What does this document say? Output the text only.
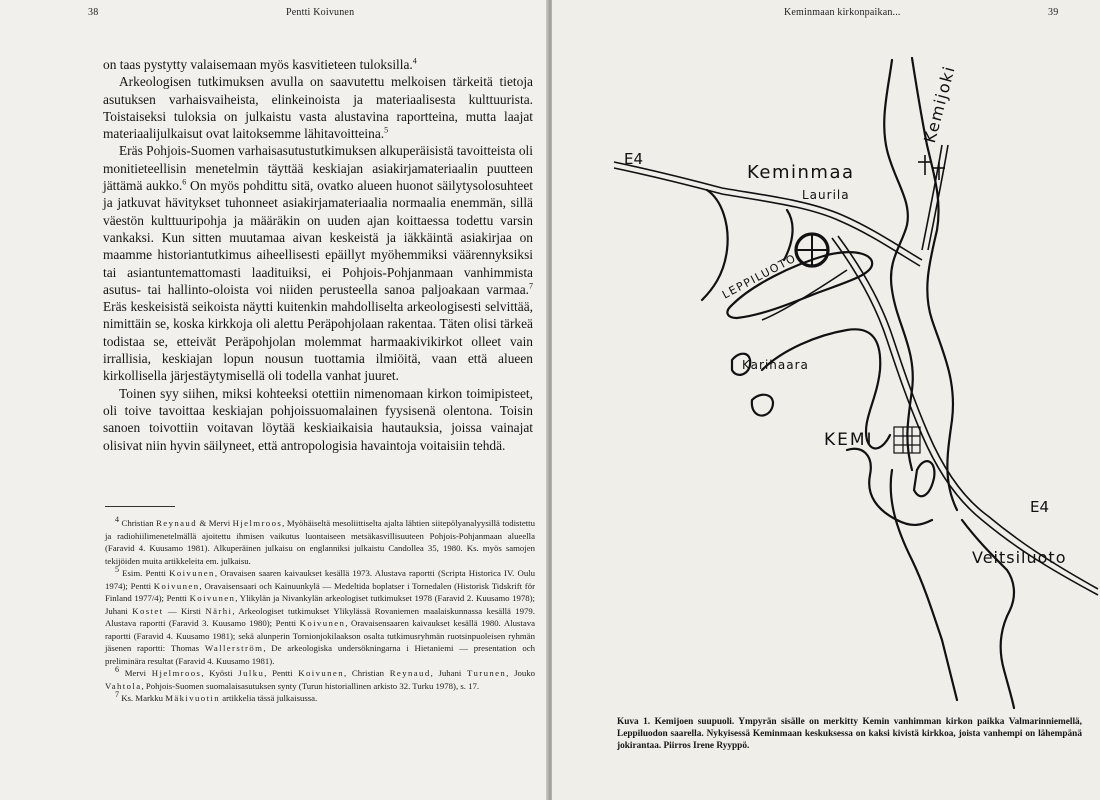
38	Pentti Koivunen

on taas pystytty valaisemaan myös kasvitieteen tuloksilla.$^4$

Arkeologisen tutkimuksen avulla on saavutettu melkoisen tärkeitä tietoja asutuksen varhaisvaiheista, elinkeinoista ja materiaalisesta kulttuurista. Toistaiseksi tuloksia on julkaistu vasta alustavina raportteina, mutta laajat materiaalijulkaisut ovat laitoksemme lähitavoitteina.$^5$

Eräs Pohjois-Suomen varhaisasutustutkimuksen alkuperäisistä tavoitteista oli monitieteellisin menetelmin täyttää keskiajan asiakirjamateriaalin puutteen jättämä aukko.$^6$ On myös pohdittu sitä, ovatko alueen huonot säilytysolosuhteet ja jatkuvat hävitykset tuhonneet asiakirjamateriaalia normaalia enemmän, sillä väestön kulttuuripohja ja määräkin on uuden ajan koittaessa todettu varsin vankaksi. Kun sitten muutamaa aivan keskeistä ja iäkkäintä asiakirjaa on maamme historiantutkimus aiheellisesti epäillyt myöhemmiksi väärennyksiksi tai asiantuntemattomasti laadituiksi, ei Pohjois-Pohjanmaan vanhimmista asutus- tai hallinto-oloista voi niiden perusteella sanoa paljoakaan varmaa.$^7$ Eräs keskeisistä seikoista näytti kuitenkin mahdolliselta arkeologisesti selvittää, nimittäin se, koska kirkkoja oli alettu Peräpohjolaan rakentaa. Täten olisi tärkeä todistaa se, etteivät Peräpohjolan molemmat harmaakivikirkot olleet vain irrallisia, keskiajan lopun nousun tuottamia ilmiöitä, vaan että alueen kirkollisella järjestäytymisellä oli todella vanhat juuret.

Toinen syy siihen, miksi kohteeksi otettiin nimenomaan kirkon toimipisteet, oli toive tavoittaa keskiajan pohjoissuomalainen fyysisenä olentona. Toisin sanoen toivottiin voitavan löytää keskiaikaisia hautauksia, joissa vainajat olisivat niin hyvin säilyneet, että antropologisia havaintoja voitaisiin tehdä.

$^4$ Christian Reynaud & Mervi Hjelmroos, Myöhäiseltä mesoliittiselta ajalta lähtien siitepölyanalyysillä todistettu ja radiohiilimenetelmällä ajoitettu ihmisen vaikutus luontaiseen metsäkasvillisuuteen Pohjois-Pohjanmaan alueella (Faravid 4. Kuusamo 1981). Alkuperäinen julkaisu on englanniksi julkaistu Candollea 35, 1980. Ks. myös samojen tekijöiden muita artikkeleita em. julkaisu.

$^5$ Esim. Pentti Koivunen, Oravaisen saaren kaivaukset kesällä 1973. Alustava raportti (Scripta Historica IV. Oulu 1974); Pentti Koivunen, Oravaisensaari och Kainuunkylä — Medeltida boplatser i Tornedalen (Historisk Tidskrift för Finland 1977/4); Pentti Koivunen, Ylikylän ja Nivankylän arkeologiset tutkimukset 1978 (Faravid 2. Kuusamo 1978); Juhani Kostet — Kirsti Närhi, Arkeologiset tutkimukset Ylikylässä Rovaniemen maalaiskunnassa kesällä 1979. Alustava raportti (Faravid 3. Kuusamo 1980); Pentti Koivunen, Oravaisensaaren kaivaukset kesällä 1980. Alustava raportti (Faravid 4. Kuusamo 1981); sekä alunperin Tornionjokilaakson osalta tutkimusryhmän ruotsinpuoleisen ryhmän jäsenen raportti: Thomas Wallerström, De arkeologiska undersökningarna i Hietaniemi — presentation och preliminära resultat (Faravid 4. Kuusamo 1981).

$^6$ Mervi Hjelmroos, Kyösti Julku, Pentti Koivunen, Christian Reynaud, Juhani Turunen, Jouko Vahtola, Pohjois-Suomen suomalaisasutuksen synty (Turun historiallinen arkisto 32. Turku 1978), s. 17.

$^7$ Ks. Markku Mäkivuotin artikkelia tässä julkaisussa.

Keminmaan kirkonpaikan...	39
E4
Keminmaa
Laurila
Kemijoki
LEPPILUOTO
Karihaara
KEMI
E4
Veitsiluoto
Kuva 1. Kemijoen suupuoli. Ympyrän sisälle on merkitty Kemin vanhimman kirkon paikka Valmarinniemellä, Leppiluodon saarella. Nykyisessä Keminmaan keskuksessa on kaksi kivistä kirkkoa, joista vanhempi on lähempänä jokirantaa. Piirros Irene Ryyppö.
